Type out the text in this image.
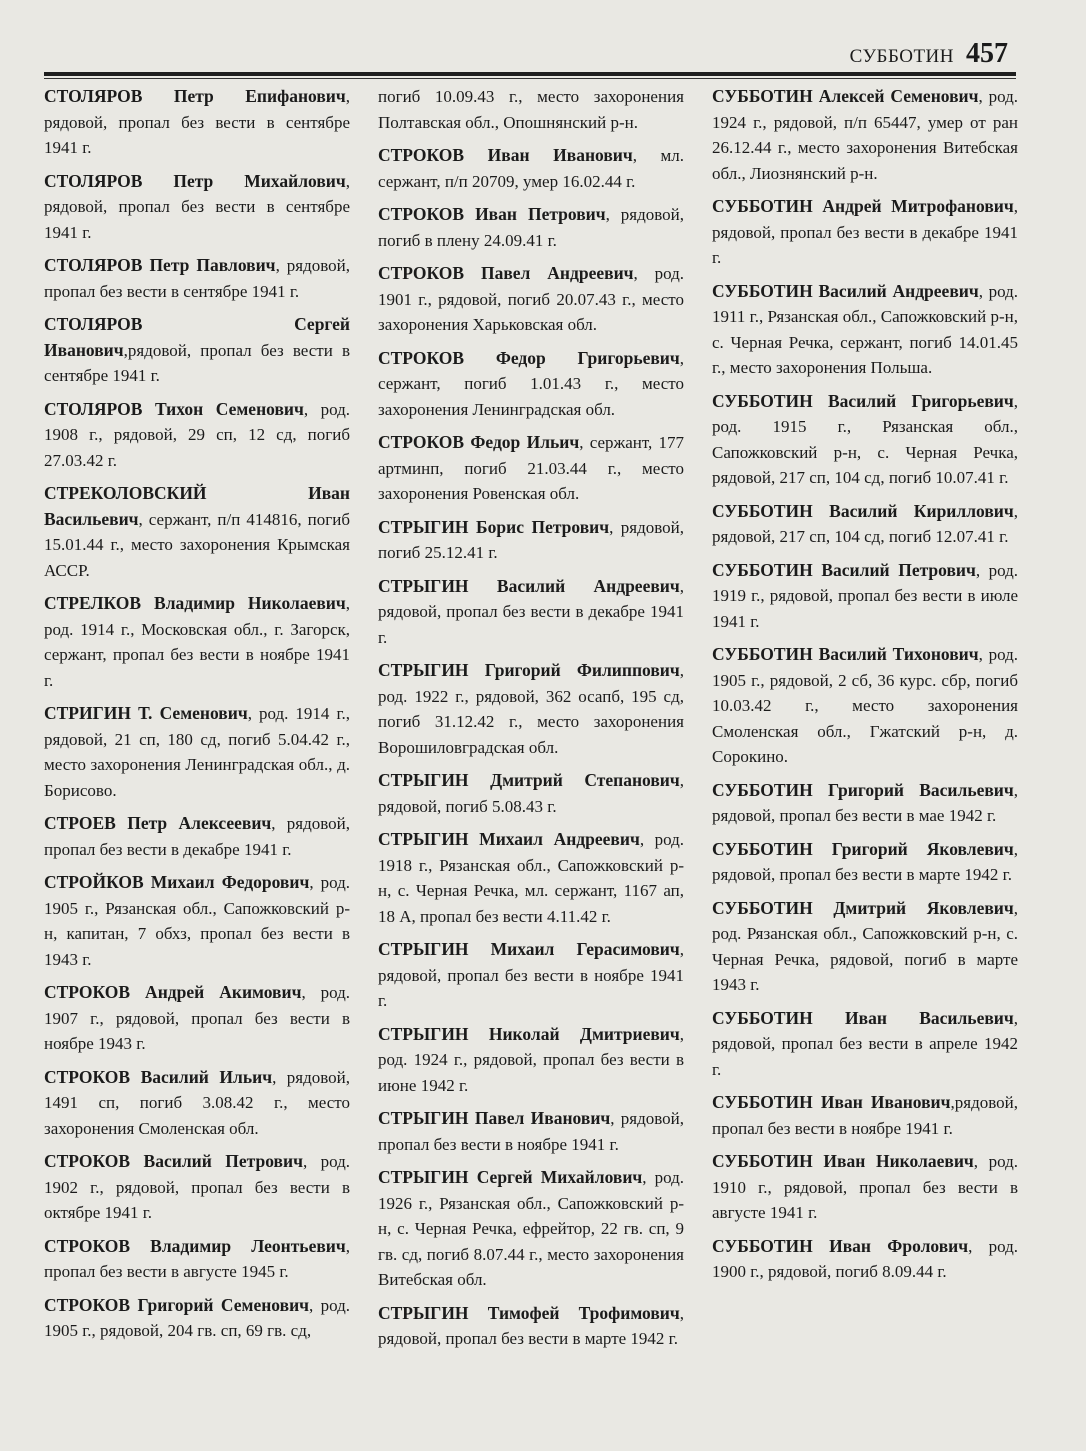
СУББОТИН 457
СТОЛЯРОВ Петр Епифанович, рядовой, пропал без вести в сентябре 1941 г.
СТОЛЯРОВ Петр Михайлович, рядовой, пропал без вести в сентябре 1941 г.
СТОЛЯРОВ Петр Павлович, рядовой, пропал без вести в сентябре 1941 г.
СТОЛЯРОВ Сергей Иванович,рядовой, пропал без вести в сентябре 1941 г.
СТОЛЯРОВ Тихон Семенович, род. 1908 г., рядовой, 29 сп, 12 сд, погиб 27.03.42 г.
СТРЕКОЛОВСКИЙ Иван Васильевич, сержант, п/п 414816, погиб 15.01.44 г., место захоронения Крымская АССР.
СТРЕЛКОВ Владимир Николаевич, род. 1914 г., Московская обл., г. Загорск, сержант, пропал без вести в ноябре 1941 г.
СТРИГИН Т. Семенович, род. 1914 г., рядовой, 21 сп, 180 сд, погиб 5.04.42 г., место захоронения Ленинградская обл., д. Борисово.
СТРОЕВ Петр Алексеевич, рядовой, пропал без вести в декабре 1941 г.
СТРОЙКОВ Михаил Федорович, род. 1905 г., Рязанская обл., Сапожковский р-н, капитан, 7 обхз, пропал без вести в 1943 г.
СТРОКОВ Андрей Акимович, род. 1907 г., рядовой, пропал без вести в ноябре 1943 г.
СТРОКОВ Василий Ильич, рядовой, 1491 сп, погиб 3.08.42 г., место захоронения Смоленская обл.
СТРОКОВ Василий Петрович, род. 1902 г., рядовой, пропал без вести в октябре 1941 г.
СТРОКОВ Владимир Леонтьевич, пропал без вести в августе 1945 г.
СТРОКОВ Григорий Семенович, род. 1905 г., рядовой, 204 гв. сп, 69 гв. сд,
погиб 10.09.43 г., место захоронения Полтавская обл., Опошнянский р-н.
СТРОКОВ Иван Иванович, мл. сержант, п/п 20709, умер 16.02.44 г.
СТРОКОВ Иван Петрович, рядовой, погиб в плену 24.09.41 г.
СТРОКОВ Павел Андреевич, род. 1901 г., рядовой, погиб 20.07.43 г., место захоронения Харьковская обл.
СТРОКОВ Федор Григорьевич, сержант, погиб 1.01.43 г., место захоронения Ленинградская обл.
СТРОКОВ Федор Ильич, сержант, 177 артминп, погиб 21.03.44 г., место захоронения Ровенская обл.
СТРЫГИН Борис Петрович, рядовой, погиб 25.12.41 г.
СТРЫГИН Василий Андреевич, рядовой, пропал без вести в декабре 1941 г.
СТРЫГИН Григорий Филиппович, род. 1922 г., рядовой, 362 осапб, 195 сд, погиб 31.12.42 г., место захоронения Ворошиловградская обл.
СТРЫГИН Дмитрий Степанович, рядовой, погиб 5.08.43 г.
СТРЫГИН Михаил Андреевич, род. 1918 г., Рязанская обл., Сапожковский р-н, с. Черная Речка, мл. сержант, 1167 ап, 18 А, пропал без вести 4.11.42 г.
СТРЫГИН Михаил Герасимович, рядовой, пропал без вести в ноябре 1941 г.
СТРЫГИН Николай Дмитриевич, род. 1924 г., рядовой, пропал без вести в июне 1942 г.
СТРЫГИН Павел Иванович, рядовой, пропал без вести в ноябре 1941 г.
СТРЫГИН Сергей Михайлович, род. 1926 г., Рязанская обл., Сапожковский р-н, с. Черная Речка, ефрейтор, 22 гв. сп, 9 гв. сд, погиб 8.07.44 г., место захоронения Витебская обл.
СТРЫГИН Тимофей Трофимович, рядовой, пропал без вести в марте 1942 г.
СУББОТИН Алексей Семенович, род. 1924 г., рядовой, п/п 65447, умер от ран 26.12.44 г., место захоронения Витебская обл., Лиознянский р-н.
СУББОТИН Андрей Митрофанович, рядовой, пропал без вести в декабре 1941 г.
СУББОТИН Василий Андреевич, род. 1911 г., Рязанская обл., Сапожковский р-н, с. Черная Речка, сержант, погиб 14.01.45 г., место захоронения Польша.
СУББОТИН Василий Григорьевич, род. 1915 г., Рязанская обл., Сапожковский р-н, с. Черная Речка, рядовой, 217 сп, 104 сд, погиб 10.07.41 г.
СУББОТИН Василий Кириллович, рядовой, 217 сп, 104 сд, погиб 12.07.41 г.
СУББОТИН Василий Петрович, род. 1919 г., рядовой, пропал без вести в июле 1941 г.
СУББОТИН Василий Тихонович, род. 1905 г., рядовой, 2 сб, 36 курс. сбр, погиб 10.03.42 г., место захоронения Смоленская обл., Гжатский р-н, д. Сорокино.
СУББОТИН Григорий Васильевич, рядовой, пропал без вести в мае 1942 г.
СУББОТИН Григорий Яковлевич, рядовой, пропал без вести в марте 1942 г.
СУББОТИН Дмитрий Яковлевич, род. Рязанская обл., Сапожковский р-н, с. Черная Речка, рядовой, погиб в марте 1943 г.
СУББОТИН Иван Васильевич, рядовой, пропал без вести в апреле 1942 г.
СУББОТИН Иван Иванович,рядовой, пропал без вести в ноябре 1941 г.
СУББОТИН Иван Николаевич, род. 1910 г., рядовой, пропал без вести в августе 1941 г.
СУББОТИН Иван Фролович, род. 1900 г., рядовой, погиб 8.09.44 г.
